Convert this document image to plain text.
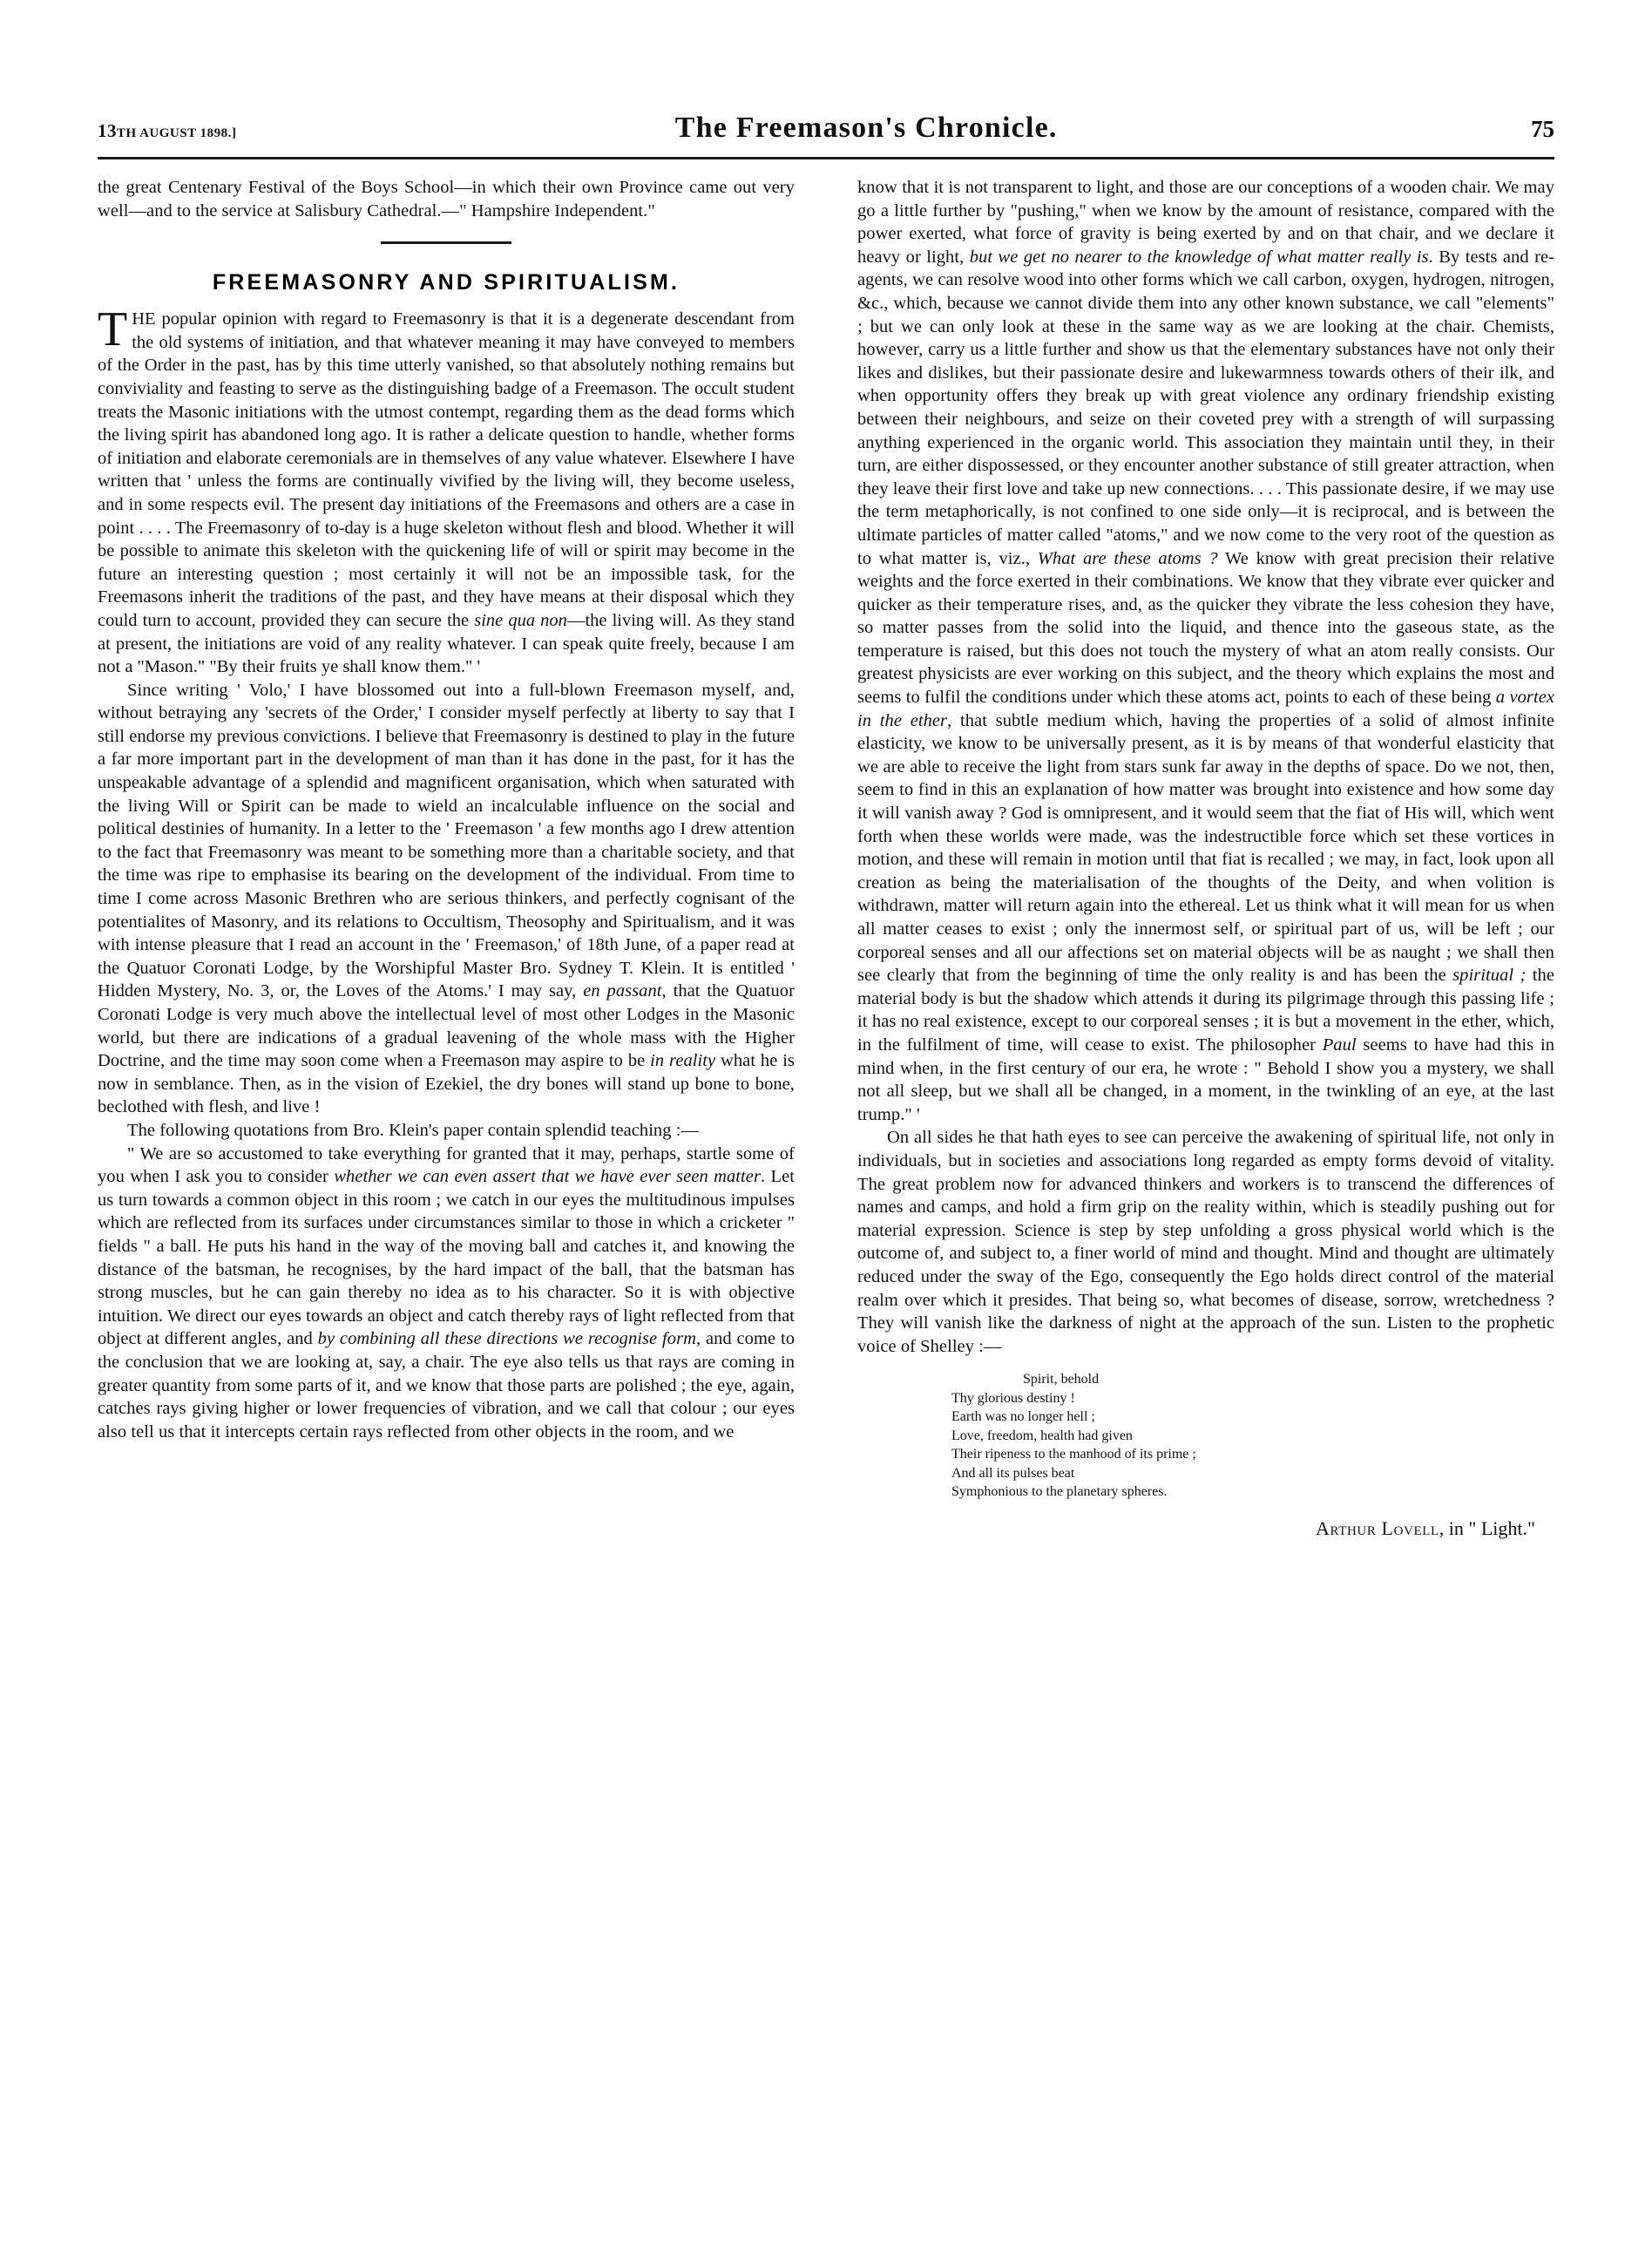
13TH AUGUST 1898.]	The Freemason's Chronicle.	75

the great Centenary Festival of the Boys School—in which their own Province came out very well—and to the service at Salisbury Cathedral.—" Hampshire Independent."

FREEMASONRY AND SPIRITUALISM.

THE popular opinion with regard to Freemasonry is that it is a degenerate descendant from the old systems of initiation, and that whatever meaning it may have conveyed to members of the Order in the past, has by this time utterly vanished, so that absolutely nothing remains but conviviality and feasting to serve as the distinguishing badge of a Freemason. The occult student treats the Masonic initiations with the utmost contempt, regarding them as the dead forms which the living spirit has abandoned long ago. It is rather a delicate question to handle, whether forms of initiation and elaborate ceremonials are in themselves of any value whatever. Elsewhere I have written that ' unless the forms are continually vivified by the living will, they become useless, and in some respects evil. The present day initiations of the Freemasons and others are a case in point . . . . The Freemasonry of to-day is a huge skeleton without flesh and blood. Whether it will be possible to animate this skeleton with the quickening life of will or spirit may become in the future an interesting question ; most certainly it will not be an impossible task, for the Freemasons inherit the traditions of the past, and they have means at their disposal which they could turn to account, provided they can secure the sine qua non—the living will. As they stand at present, the initiations are void of any reality whatever. I can speak quite freely, because I am not a "Mason." "By their fruits ye shall know them." '

Since writing ' Volo,' I have blossomed out into a full-blown Freemason myself, and, without betraying any 'secrets of the Order,' I consider myself perfectly at liberty to say that I still endorse my previous convictions. I believe that Freemasonry is destined to play in the future a far more important part in the development of man than it has done in the past, for it has the unspeakable advantage of a splendid and magnificent organisation, which when saturated with the living Will or Spirit can be made to wield an incalculable influence on the social and political destinies of humanity. In a letter to the ' Freemason ' a few months ago I drew attention to the fact that Freemasonry was meant to be something more than a charitable society, and that the time was ripe to emphasise its bearing on the development of the individual. From time to time I come across Masonic Brethren who are serious thinkers, and perfectly cognisant of the potentialites of Masonry, and its relations to Occultism, Theosophy and Spiritualism, and it was with intense pleasure that I read an account in the ' Freemason,' of 18th June, of a paper read at the Quatuor Coronati Lodge, by the Worshipful Master Bro. Sydney T. Klein. It is entitled ' Hidden Mystery, No. 3, or, the Loves of the Atoms.' I may say, en passant, that the Quatuor Coronati Lodge is very much above the intellectual level of most other Lodges in the Masonic world, but there are indications of a gradual leavening of the whole mass with the Higher Doctrine, and the time may soon come when a Freemason may aspire to be in reality what he is now in semblance. Then, as in the vision of Ezekiel, the dry bones will stand up bone to bone, beclothed with flesh, and live !

The following quotations from Bro. Klein's paper contain splendid teaching :—

" We are so accustomed to take everything for granted that it may, perhaps, startle some of you when I ask you to consider whether we can even assert that we have ever seen matter. Let us turn towards a common object in this room ; we catch in our eyes the multitudinous impulses which are reflected from its surfaces under circumstances similar to those in which a cricketer " fields " a ball. He puts his hand in the way of the moving ball and catches it, and knowing the distance of the batsman, he recognises, by the hard impact of the ball, that the batsman has strong muscles, but he can gain thereby no idea as to his character. So it is with objective intuition. We direct our eyes towards an object and catch thereby rays of light reflected from that object at different angles, and by combining all these directions we recognise form, and come to the conclusion that we are looking at, say, a chair. The eye also tells us that rays are coming in greater quantity from some parts of it, and we know that those parts are polished ; the eye, again, catches rays giving higher or lower frequencies of vibration, and we call that colour ; our eyes also tell us that it intercepts certain rays reflected from other objects in the room, and we

know that it is not transparent to light, and those are our conceptions of a wooden chair. We may go a little further by "pushing," when we know by the amount of resistance, compared with the power exerted, what force of gravity is being exerted by and on that chair, and we declare it heavy or light, but we get no nearer to the knowledge of what matter really is. By tests and re-agents, we can resolve wood into other forms which we call carbon, oxygen, hydrogen, nitrogen, &c., which, because we cannot divide them into any other known substance, we call "elements" ; but we can only look at these in the same way as we are looking at the chair. Chemists, however, carry us a little further and show us that the elementary substances have not only their likes and dislikes, but their passionate desire and lukewarmness towards others of their ilk, and when opportunity offers they break up with great violence any ordinary friendship existing between their neighbours, and seize on their coveted prey with a strength of will surpassing anything experienced in the organic world. This association they maintain until they, in their turn, are either dispossessed, or they encounter another substance of still greater attraction, when they leave their first love and take up new connections. . . . This passionate desire, if we may use the term metaphorically, is not confined to one side only—it is reciprocal, and is between the ultimate particles of matter called "atoms," and we now come to the very root of the question as to what matter is, viz., What are these atoms ? We know with great precision their relative weights and the force exerted in their combinations. We know that they vibrate ever quicker and quicker as their temperature rises, and, as the quicker they vibrate the less cohesion they have, so matter passes from the solid into the liquid, and thence into the gaseous state, as the temperature is raised, but this does not touch the mystery of what an atom really consists. Our greatest physicists are ever working on this subject, and the theory which explains the most and seems to fulfil the conditions under which these atoms act, points to each of these being a vortex in the ether, that subtle medium which, having the properties of a solid of almost infinite elasticity, we know to be universally present, as it is by means of that wonderful elasticity that we are able to receive the light from stars sunk far away in the depths of space. Do we not, then, seem to find in this an explanation of how matter was brought into existence and how some day it will vanish away ? God is omnipresent, and it would seem that the fiat of His will, which went forth when these worlds were made, was the indestructible force which set these vortices in motion, and these will remain in motion until that fiat is recalled ; we may, in fact, look upon all creation as being the materialisation of the thoughts of the Deity, and when volition is withdrawn, matter will return again into the ethereal. Let us think what it will mean for us when all matter ceases to exist ; only the innermost self, or spiritual part of us, will be left ; our corporeal senses and all our affections set on material objects will be as naught ; we shall then see clearly that from the beginning of time the only reality is and has been the spiritual ; the material body is but the shadow which attends it during its pilgrimage through this passing life ; it has no real existence, except to our corporeal senses ; it is but a movement in the ether, which, in the fulfilment of time, will cease to exist. The philosopher Paul seems to have had this in mind when, in the first century of our era, he wrote : " Behold I show you a mystery, we shall not all sleep, but we shall all be changed, in a moment, in the twinkling of an eye, at the last trump." '

On all sides he that hath eyes to see can perceive the awakening of spiritual life, not only in individuals, but in societies and associations long regarded as empty forms devoid of vitality. The great problem now for advanced thinkers and workers is to transcend the differences of names and camps, and hold a firm grip on the reality within, which is steadily pushing out for material expression. Science is step by step unfolding a gross physical world which is the outcome of, and subject to, a finer world of mind and thought. Mind and thought are ultimately reduced under the sway of the Ego, consequently the Ego holds direct control of the material realm over which it presides. That being so, what becomes of disease, sorrow, wretchedness ? They will vanish like the darkness of night at the approach of the sun. Listen to the prophetic voice of Shelley :—

Spirit, behold
Thy glorious destiny !
Earth was no longer hell ;
Love, freedom, health had given
Their ripeness to the manhood of its prime ;
And all its pulses beat
Symphonious to the planetary spheres.

Arthur Lovell, in " Light."
